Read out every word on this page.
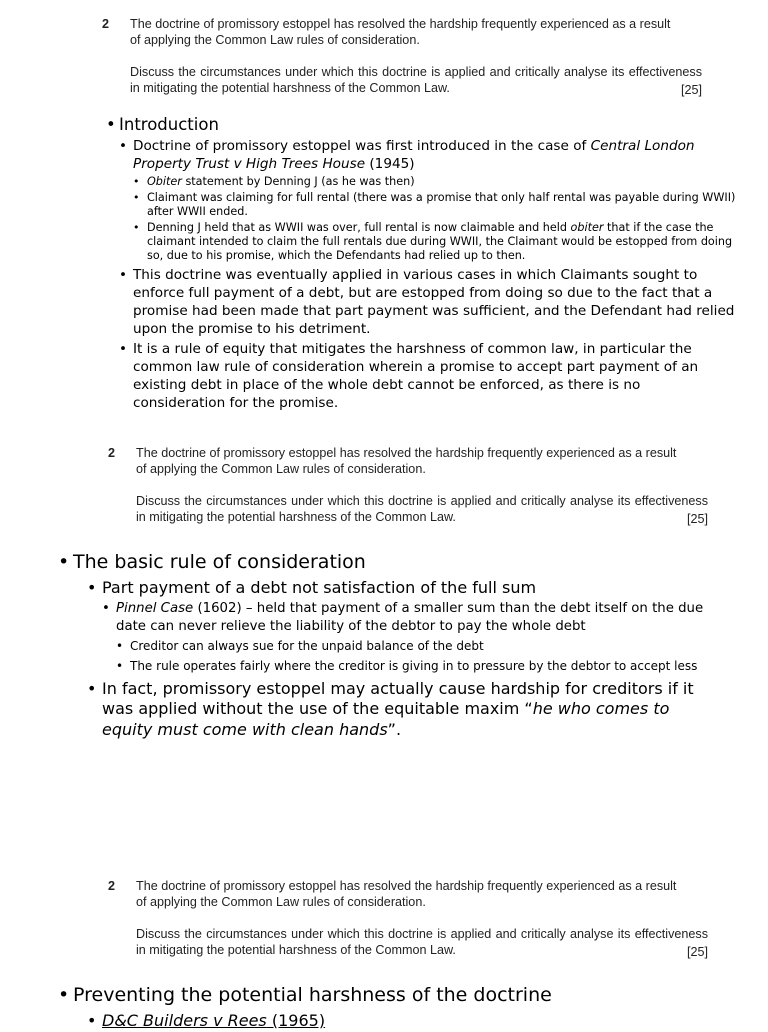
2 The doctrine of promissory estoppel has resolved the hardship frequently experienced as a result
of applying the Common Law rules of consideration.
Discuss the circumstances under which this doctrine is applied and critically analyse its effectiveness in mitigating the potential harshness of the Common Law.	[25]
• Introduction
• Doctrine of promissory estoppel was first introduced in the case of Central London Property Trust v High Trees House (1945)
• Obiter statement by Denning J (as he was then)
• Claimant was claiming for full rental (there was a promise that only half rental was payable during WWII) after WWII ended.
• Denning J held that as WWII was over, full rental is now claimable and held obiter that if the case the claimant intended to claim the full rentals due during WWII, the Claimant would be estopped from doing so, due to his promise, which the Defendants had relied up to then.
• This doctrine was eventually applied in various cases in which Claimants sought to enforce full payment of a debt, but are estopped from doing so due to the fact that a promise had been made that part payment was sufficient, and the Defendant had relied upon the promise to his detriment.
• It is a rule of equity that mitigates the harshness of common law, in particular the common law rule of consideration wherein a promise to accept part payment of an existing debt in place of the whole debt cannot be enforced, as there is no consideration for the promise.
2 The doctrine of promissory estoppel has resolved the hardship frequently experienced as a result
of applying the Common Law rules of consideration.
Discuss the circumstances under which this doctrine is applied and critically analyse its effectiveness in mitigating the potential harshness of the Common Law.	[25]
• The basic rule of consideration
• Part payment of a debt not satisfaction of the full sum
• Pinnel Case (1602) – held that payment of a smaller sum than the debt itself on the due date can never relieve the liability of the debtor to pay the whole debt
• Creditor can always sue for the unpaid balance of the debt
• The rule operates fairly where the creditor is giving in to pressure by the debtor to accept less
• In fact, promissory estoppel may actually cause hardship for creditors if it was applied without the use of the equitable maxim “he who comes to equity must come with clean hands”.
2 The doctrine of promissory estoppel has resolved the hardship frequently experienced as a result
of applying the Common Law rules of consideration.
Discuss the circumstances under which this doctrine is applied and critically analyse its effectiveness in mitigating the potential harshness of the Common Law.	[25]
• Preventing the potential harshness of the doctrine
• D&C Builders v Rees (1965)
